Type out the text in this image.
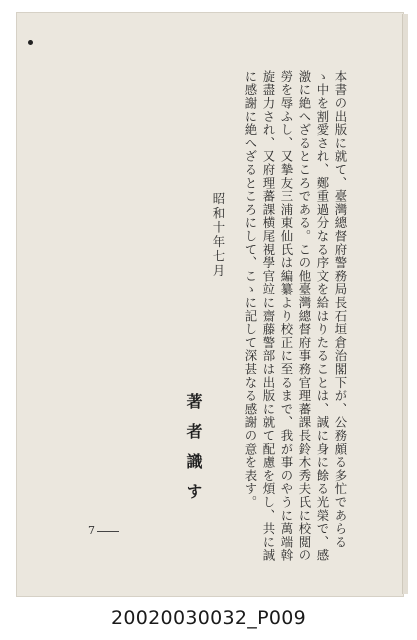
本書の出版に就て、臺灣總督府警務局長石垣倉治閣下が、公務頗る多忙であらる
ゝ中を割愛され、鄭重過分なる序文を給はりたることは、誠に身に餘る光榮で、感
激に絶へざるところである。この他臺灣總督府事務官理蕃課長鈴木秀夫氏に校閲の
勞を辱ふし、又摯友三浦東仙氏は編纂より校正に至るまで、我が事のやうに萬端斡
旋盡力され、又府理蕃課横尾視學官竝に齋藤警部は出版に就て配慮を煩し、共に誠
に感謝に絶へざるところにして、こゝに記して深甚なる感謝の意を表す。
昭和十年七月
著者識す
7
20020030032_P009
